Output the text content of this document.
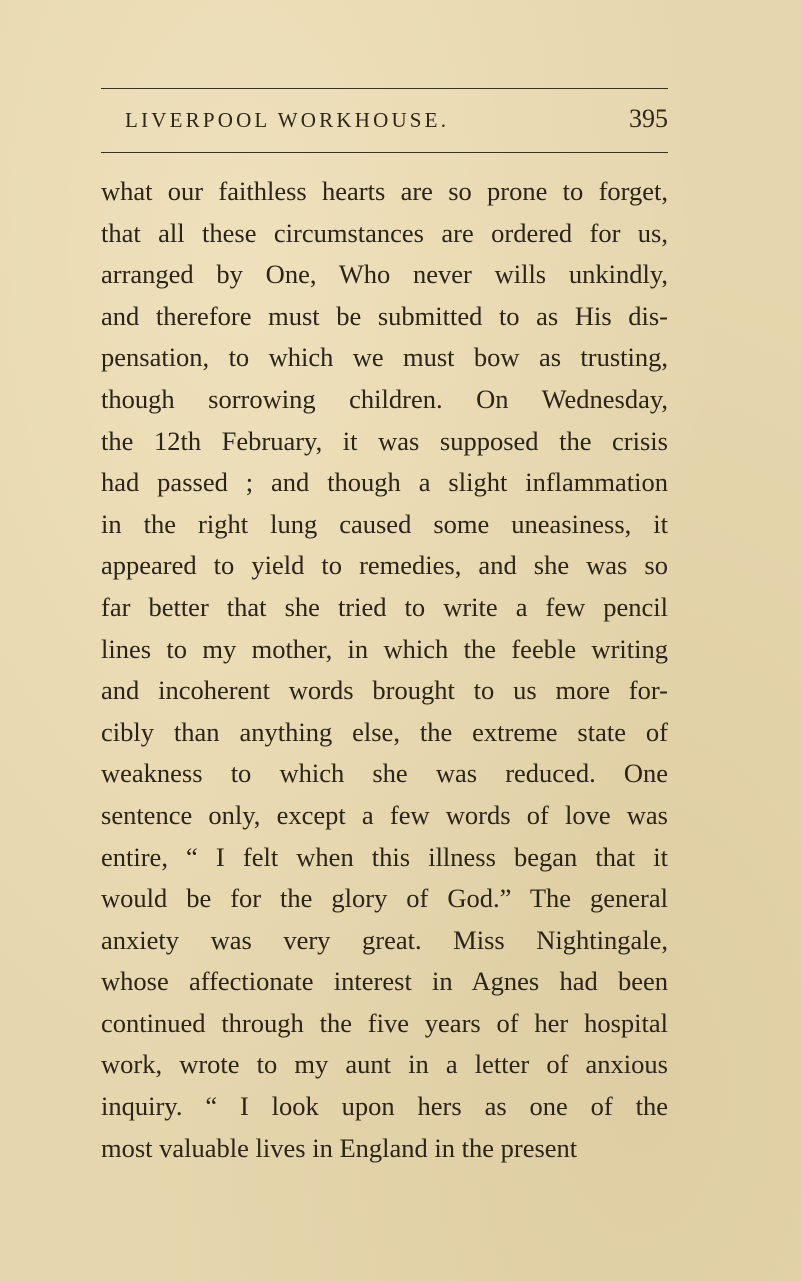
LIVERPOOL WORKHOUSE.	395
what our faithless hearts are so prone to forget,
that all these circumstances are ordered for us,
arranged by One, Who never wills unkindly,
and therefore must be submitted to as His dis-
pensation, to which we must bow as trusting,
though sorrowing children. On Wednesday,
the 12th February, it was supposed the crisis
had passed ; and though a slight inflammation
in the right lung caused some uneasiness, it
appeared to yield to remedies, and she was so
far better that she tried to write a few pencil
lines to my mother, in which the feeble writing
and incoherent words brought to us more for-
cibly than anything else, the extreme state of
weakness to which she was reduced. One
sentence only, except a few words of love was
entire, “ I felt when this illness began that it
would be for the glory of God.” The general
anxiety was very great. Miss Nightingale,
whose affectionate interest in Agnes had been
continued through the five years of her hospital
work, wrote to my aunt in a letter of anxious
inquiry. “ I look upon hers as one of the
most valuable lives in England in the present
